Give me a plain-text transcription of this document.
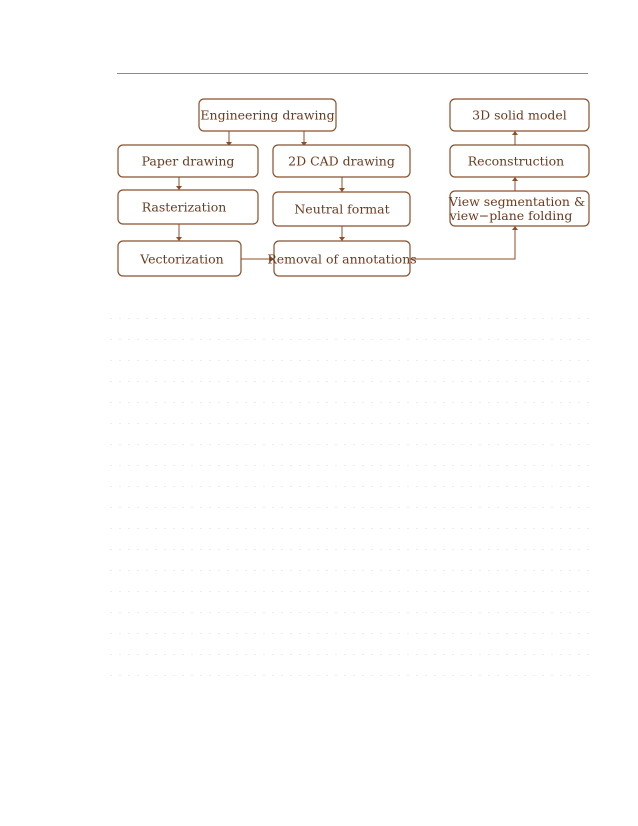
Engineering drawing
Paper drawing	2D CAD drawing
Rasterization	Neutral format
Vectorization	Removal of annotations
3D solid model
Reconstruction
View segmentation &
view−plane folding
